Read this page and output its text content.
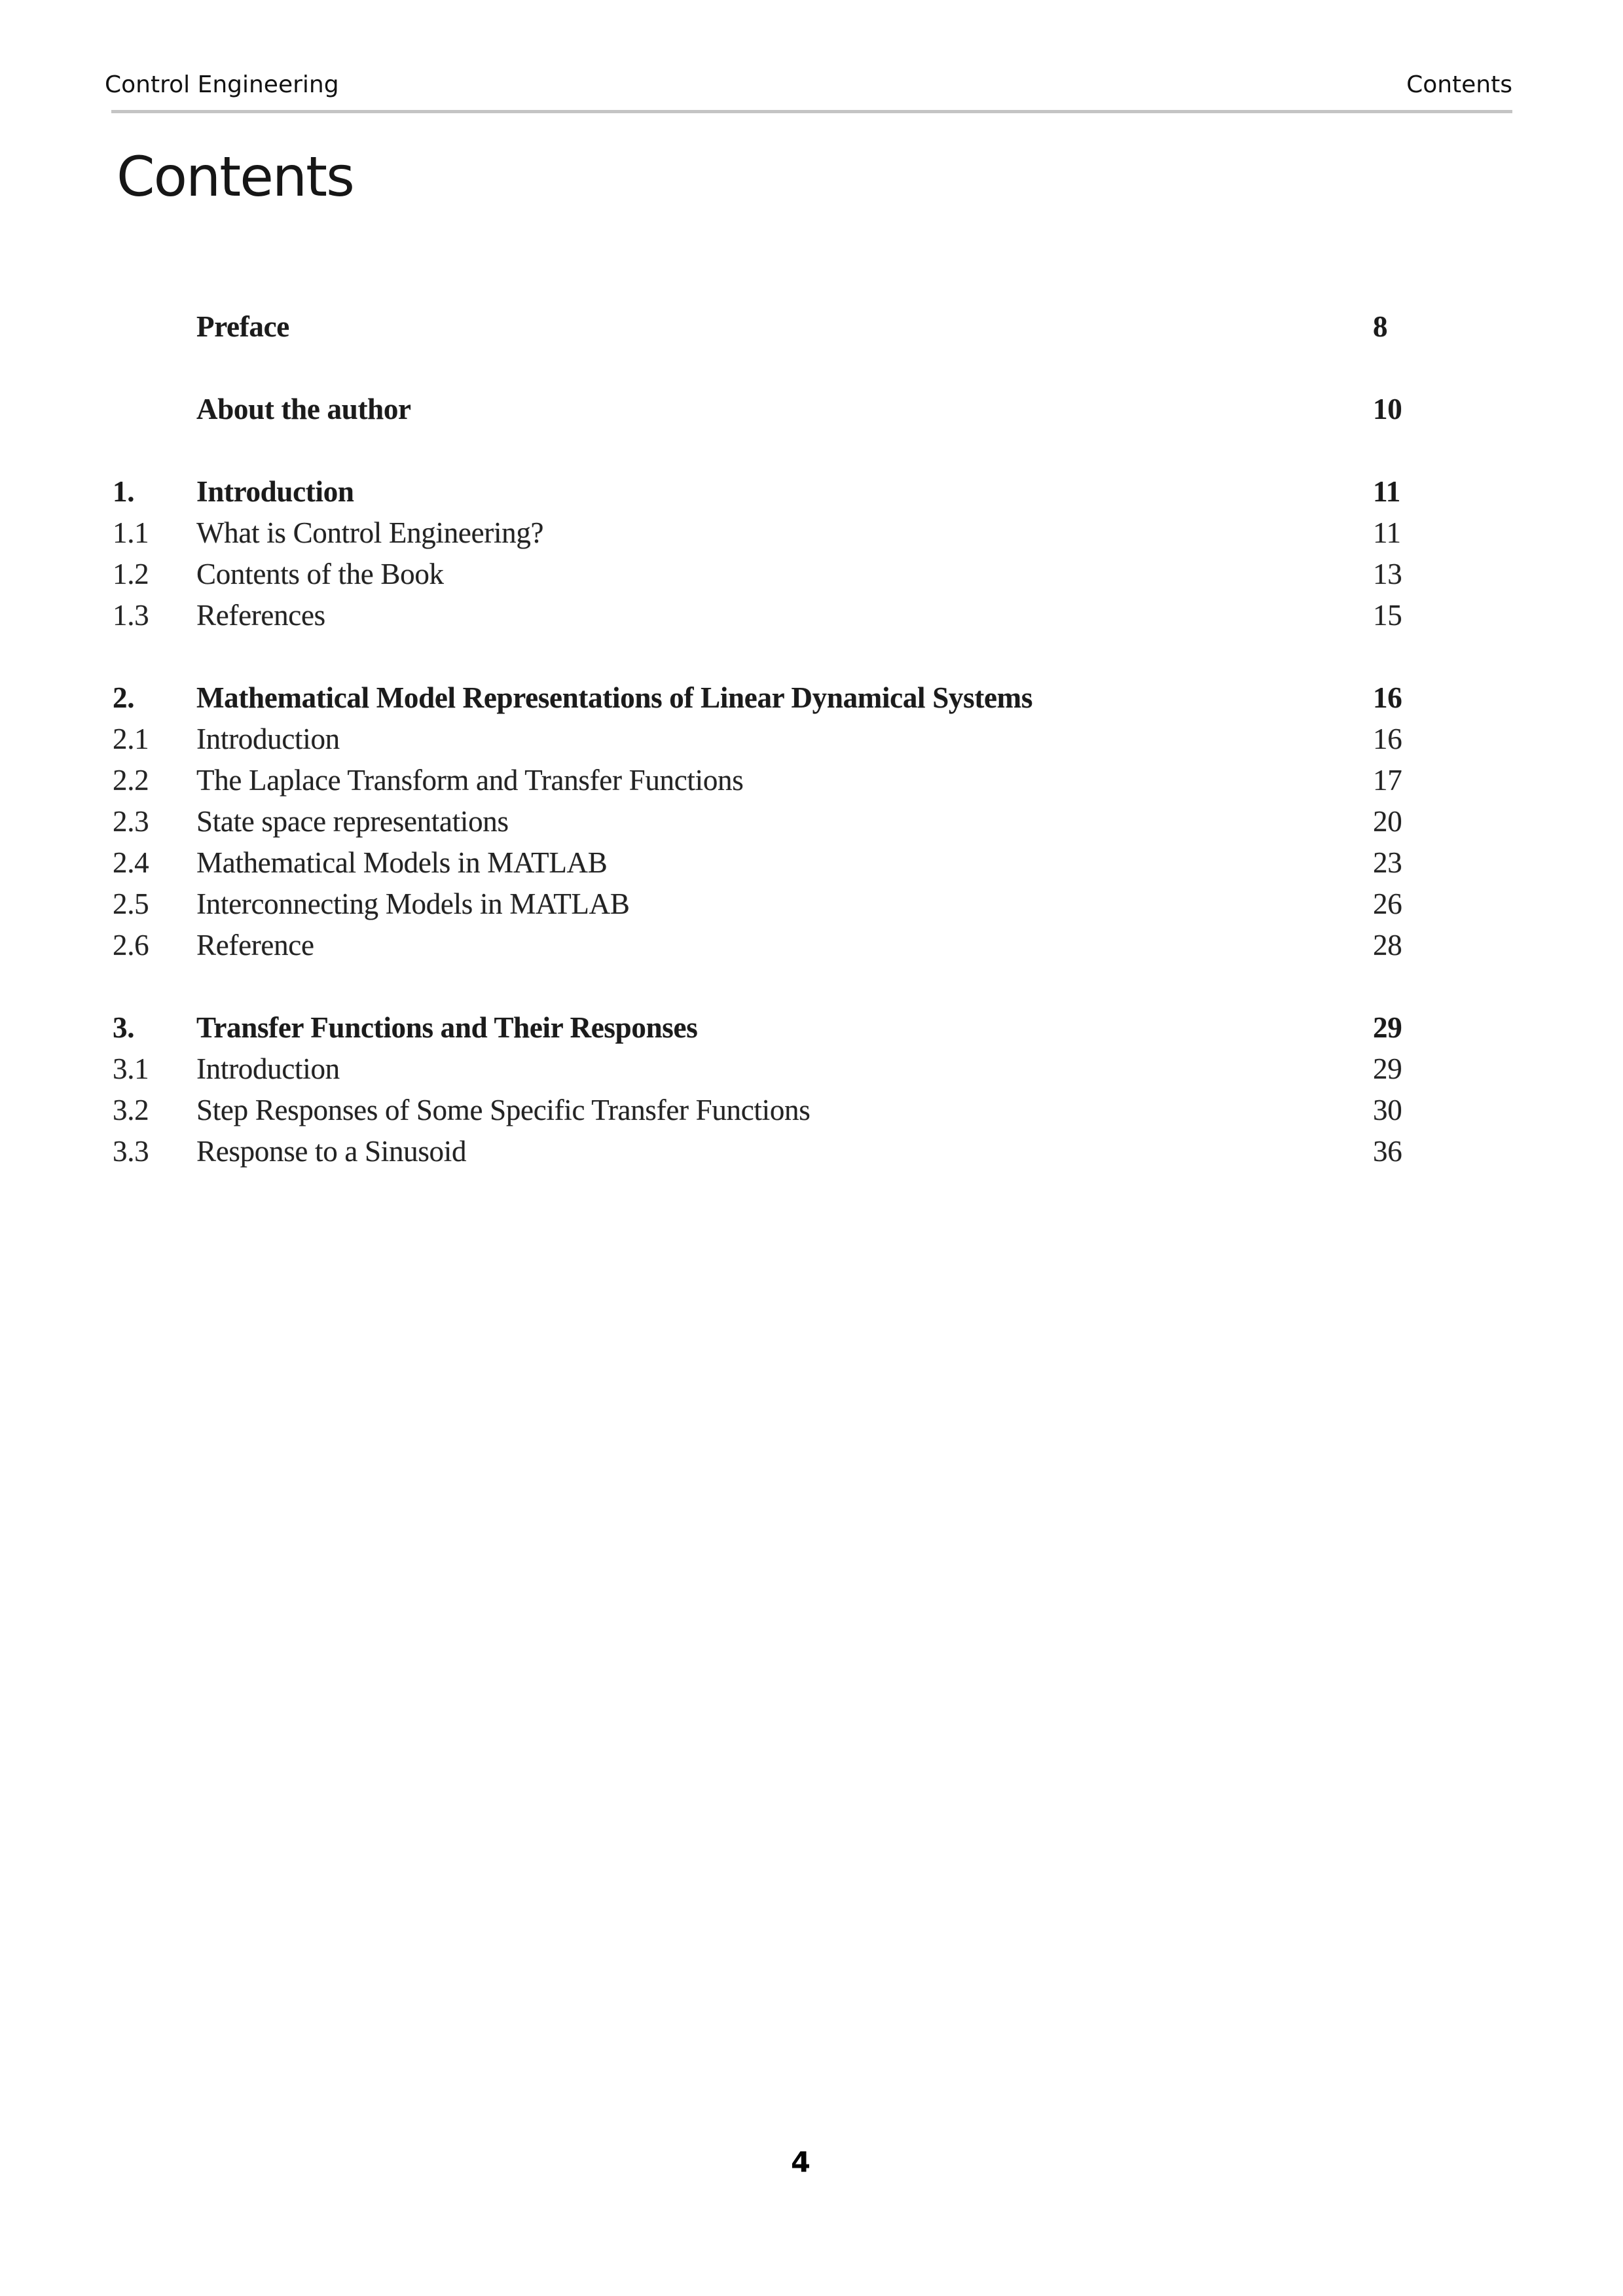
Control Engineering	Contents
Contents
Preface	8
About the author	10
1.	Introduction	11
1.1	What is Control Engineering?	11
1.2	Contents of the Book	13
1.3	References	15
2.	Mathematical Model Representations of Linear Dynamical Systems	16
2.1	Introduction	16
2.2	The Laplace Transform and Transfer Functions	17
2.3	State space representations	20
2.4	Mathematical Models in MATLAB	23
2.5	Interconnecting Models in MATLAB	26
2.6	Reference	28
3.	Transfer Functions and Their Responses	29
3.1	Introduction	29
3.2	Step Responses of Some Specific Transfer Functions	30
3.3	Response to a Sinusoid	36
4
